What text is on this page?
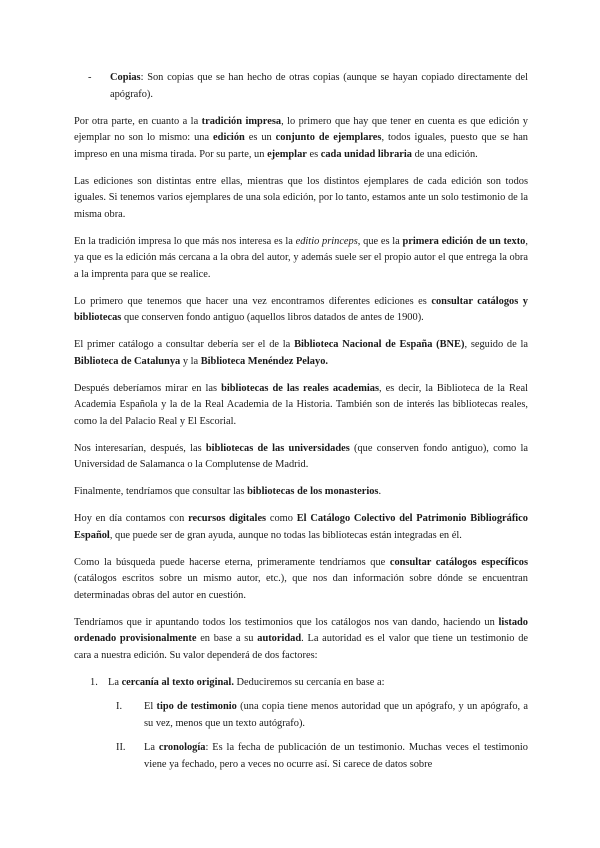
-	Copias: Son copias que se han hecho de otras copias (aunque se hayan copiado directamente del apógrafo).

Por otra parte, en cuanto a la tradición impresa, lo primero que hay que tener en cuenta es que edición y ejemplar no son lo mismo: una edición es un conjunto de ejemplares, todos iguales, puesto que se han impreso en una misma tirada. Por su parte, un ejemplar es cada unidad libraria de una edición.

Las ediciones son distintas entre ellas, mientras que los distintos ejemplares de cada edición son todos iguales. Si tenemos varios ejemplares de una sola edición, por lo tanto, estamos ante un solo testimonio de la misma obra.

En la tradición impresa lo que más nos interesa es la editio princeps, que es la primera edición de un texto, ya que es la edición más cercana a la obra del autor, y además suele ser el propio autor el que entrega la obra a la imprenta para que se realice.

Lo primero que tenemos que hacer una vez encontramos diferentes ediciones es consultar catálogos y bibliotecas que conserven fondo antiguo (aquellos libros datados de antes de 1900).

El primer catálogo a consultar debería ser el de la Biblioteca Nacional de España (BNE), seguido de la Biblioteca de Catalunya y la Biblioteca Menéndez Pelayo.

Después deberíamos mirar en las bibliotecas de las reales academias, es decir, la Biblioteca de la Real Academia Española y la de la Real Academia de la Historia. También son de interés las bibliotecas reales, como la del Palacio Real y El Escorial.

Nos interesarían, después, las bibliotecas de las universidades (que conserven fondo antiguo), como la Universidad de Salamanca o la Complutense de Madrid.

Finalmente, tendríamos que consultar las bibliotecas de los monasterios.

Hoy en día contamos con recursos digitales como El Catálogo Colectivo del Patrimonio Bibliográfico Español, que puede ser de gran ayuda, aunque no todas las bibliotecas están integradas en él.

Como la búsqueda puede hacerse eterna, primeramente tendríamos que consultar catálogos específicos (catálogos escritos sobre un mismo autor, etc.), que nos dan información sobre dónde se encuentran determinadas obras del autor en cuestión.

Tendríamos que ir apuntando todos los testimonios que los catálogos nos van dando, haciendo un listado ordenado provisionalmente en base a su autoridad. La autoridad es el valor que tiene un testimonio de cara a nuestra edición. Su valor dependerá de dos factores:

1. La cercanía al texto original. Deduciremos su cercanía en base a:
I.	El tipo de testimonio (una copia tiene menos autoridad que un apógrafo, y un apógrafo, a su vez, menos que un texto autógrafo).
II.	La cronología: Es la fecha de publicación de un testimonio. Muchas veces el testimonio viene ya fechado, pero a veces no ocurre así. Si carece de datos sobre
